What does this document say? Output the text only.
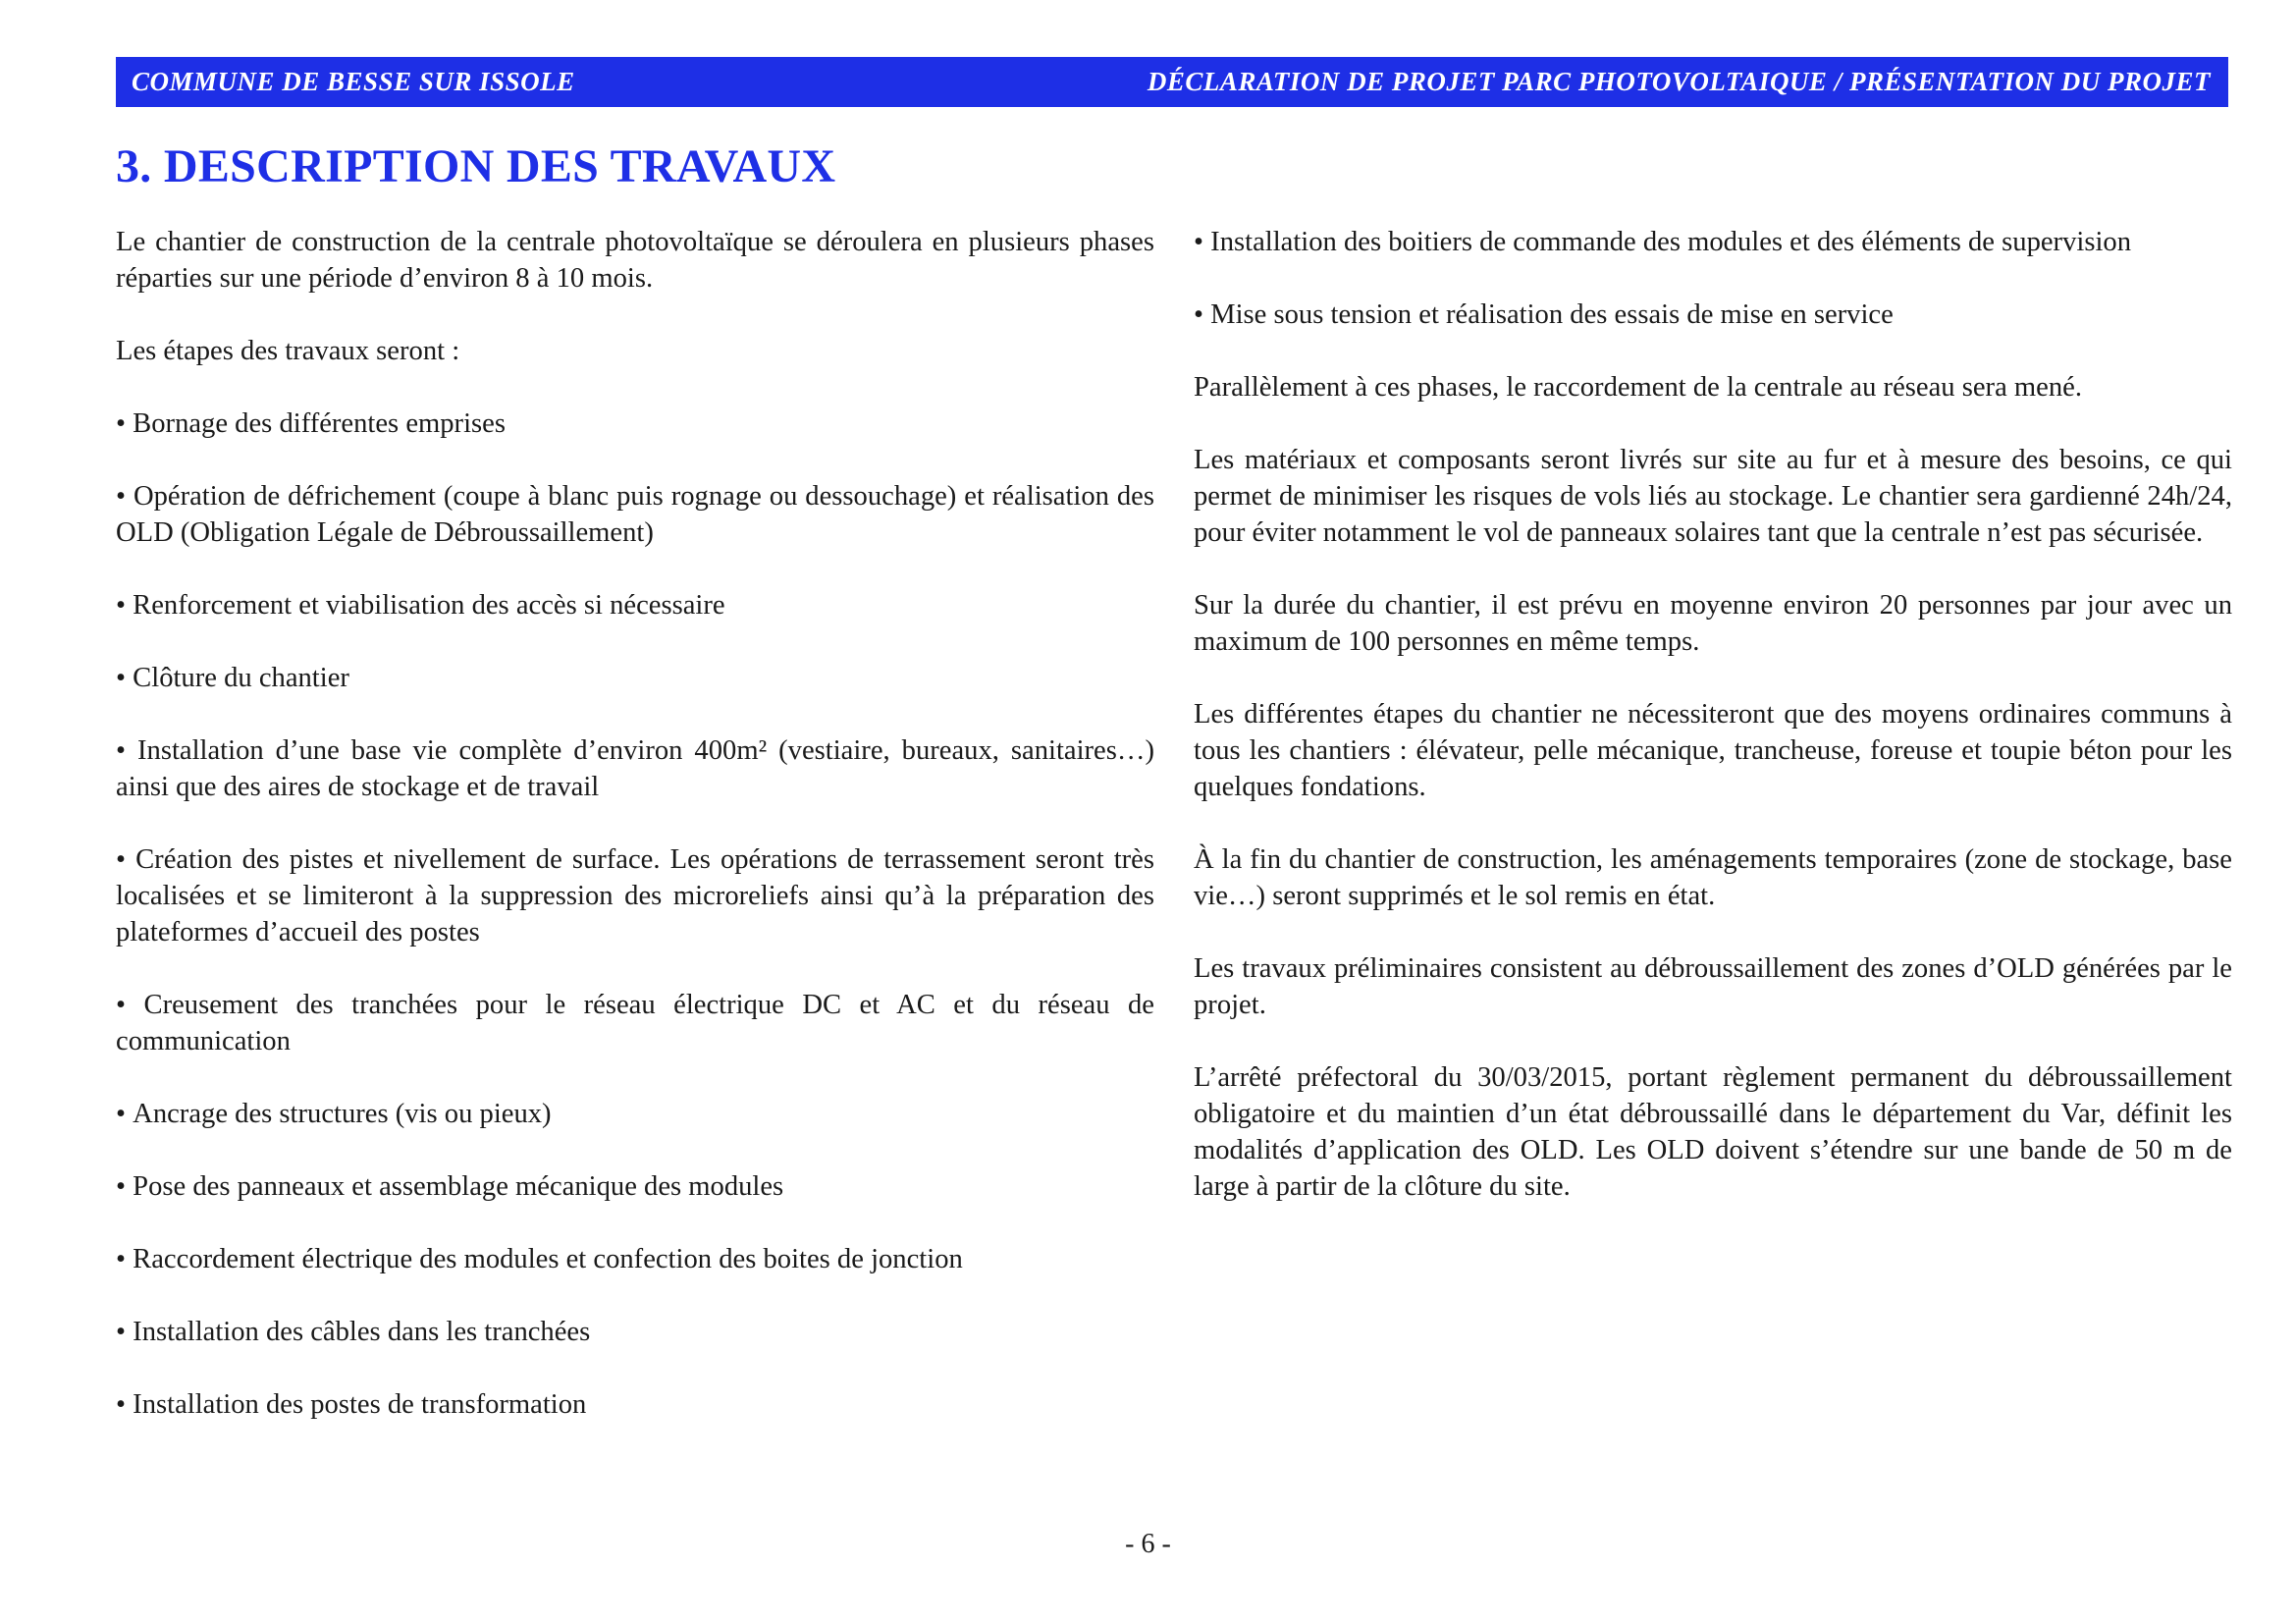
COMMUNE DE BESSE SUR ISSOLE	DÉCLARATION DE PROJET PARC PHOTOVOLTAIQUE / PRÉSENTATION DU PROJET
3. DESCRIPTION DES TRAVAUX

Le chantier de construction de la centrale photovoltaïque se déroulera en plusieurs phases réparties sur une période d’environ 8 à 10 mois.

Les étapes des travaux seront :

• Bornage des différentes emprises

• Opération de défrichement (coupe à blanc puis rognage ou dessouchage) et réalisation des OLD (Obligation Légale de Débroussaillement)

• Renforcement et viabilisation des accès si nécessaire

• Clôture du chantier

• Installation d’une base vie complète d’environ 400m² (vestiaire, bureaux, sanitaires…) ainsi que des aires de stockage et de travail

• Création des pistes et nivellement de surface. Les opérations de terrassement seront très localisées et se limiteront à la suppression des microreliefs ainsi qu’à la préparation des plateformes d’accueil des postes

• Creusement des tranchées pour le réseau électrique DC et AC et du réseau de communication

• Ancrage des structures (vis ou pieux)

• Pose des panneaux et assemblage mécanique des modules

• Raccordement électrique des modules et confection des boites de jonction

• Installation des câbles dans les tranchées

• Installation des postes de transformation

• Installation des boitiers de commande des modules et des éléments de supervision

• Mise sous tension et réalisation des essais de mise en service

Parallèlement à ces phases, le raccordement de la centrale au réseau sera mené.

Les matériaux et composants seront livrés sur site au fur et à mesure des besoins, ce qui permet de minimiser les risques de vols liés au stockage. Le chantier sera gardienné 24h/24, pour éviter notamment le vol de panneaux solaires tant que la centrale n’est pas sécurisée.

Sur la durée du chantier, il est prévu en moyenne environ 20 personnes par jour avec un maximum de 100 personnes en même temps.

Les différentes étapes du chantier ne nécessiteront que des moyens ordinaires communs à tous les chantiers : élévateur, pelle mécanique, trancheuse, foreuse et toupie béton pour les quelques fondations.

À la fin du chantier de construction, les aménagements temporaires (zone de stockage, base vie…) seront supprimés et le sol remis en état.

Les travaux préliminaires consistent au débroussaillement des zones d’OLD générées par le projet.

L’arrêté préfectoral du 30/03/2015, portant règlement permanent du débroussaillement obligatoire et du maintien d’un état débroussaillé dans le département du Var, définit les modalités d’application des OLD. Les OLD doivent s’étendre sur une bande de 50 m de large à partir de la clôture du site.

- 6 -
